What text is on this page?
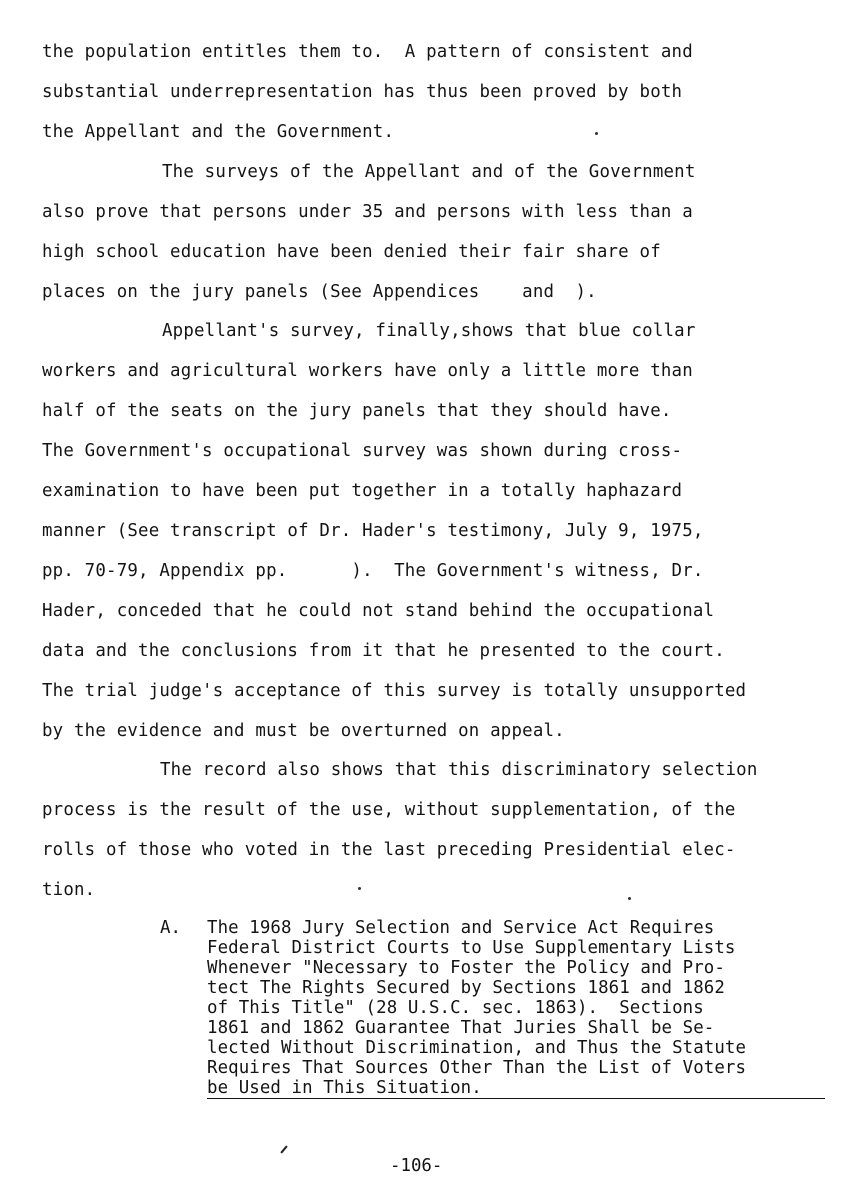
the population entitles them to.  A pattern of consistent and
substantial underrepresentation has thus been proved by both
the Appellant and the Government.
The surveys of the Appellant and of the Government
also prove that persons under 35 and persons with less than a
high school education have been denied their fair share of
places on the jury panels (See Appendices    and  ).
Appellant's survey, finally,shows that blue collar
workers and agricultural workers have only a little more than
half of the seats on the jury panels that they should have.
The Government's occupational survey was shown during cross-
examination to have been put together in a totally haphazard
manner (See transcript of Dr. Hader's testimony, July 9, 1975,
pp. 70-79, Appendix pp.      ).  The Government's witness, Dr.
Hader, conceded that he could not stand behind the occupational
data and the conclusions from it that he presented to the court.
The trial judge's acceptance of this survey is totally unsupported
by the evidence and must be overturned on appeal.
The record also shows that this discriminatory selection
process is the result of the use, without supplementation, of the
rolls of those who voted in the last preceding Presidential elec-
tion.
A. The 1968 Jury Selection and Service Act Requires
Federal District Courts to Use Supplementary Lists
Whenever "Necessary to Foster the Policy and Pro-
tect The Rights Secured by Sections 1861 and 1862
of This Title" (28 U.S.C. sec. 1863).  Sections
1861 and 1862 Guarantee That Juries Shall be Se-
lected Without Discrimination, and Thus the Statute
Requires That Sources Other Than the List of Voters
be Used in This Situation.
-106-
